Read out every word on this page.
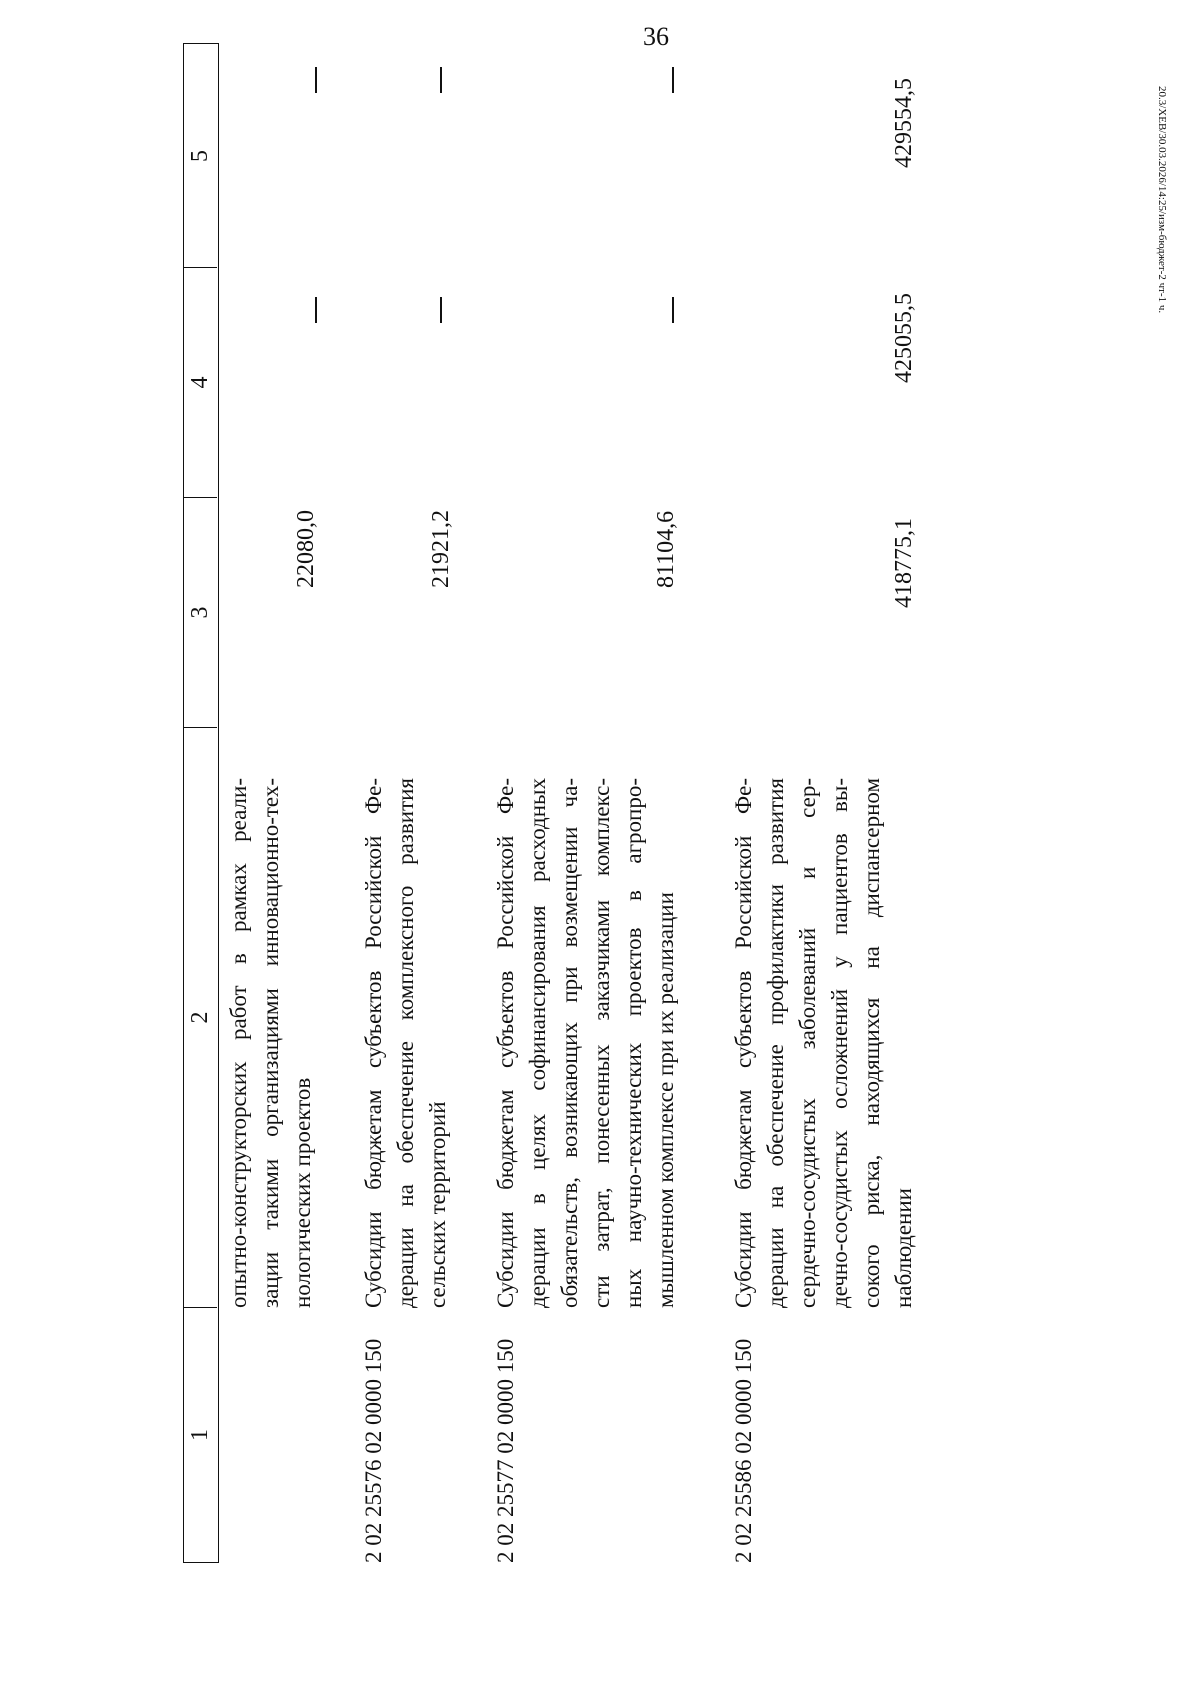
36
20.3/ХЕВ/30.03.2026/14:25/изм-бюджет-2 чт-1 ч.
1
2
3
4
5
опытно-конструкторских работ в рамках реали- зации такими организациями инновационно-тех- нологических проектов
22080,0
2 02 25576 02 0000 150
Субсидии бюджетам субъектов Российской Фе- дерации на обеспечение комплексного развития сельских территорий
21921,2
2 02 25577 02 0000 150
Субсидии бюджетам субъектов Российской Фе- дерации в целях софинансирования расходных обязательств, возникающих при возмещении ча- сти затрат, понесенных заказчиками комплекс- ных научно-технических проектов в агропро- мышленном комплексе при их реализации
81104,6
2 02 25586 02 0000 150
Субсидии бюджетам субъектов Российской Фе- дерации на обеспечение профилактики развития сердечно-сосудистых заболеваний и сер- дечно-сосудистых осложнений у пациентов вы- сокого риска, находящихся на диспансерном наблюдении
418775,1
425055,5
429554,5
